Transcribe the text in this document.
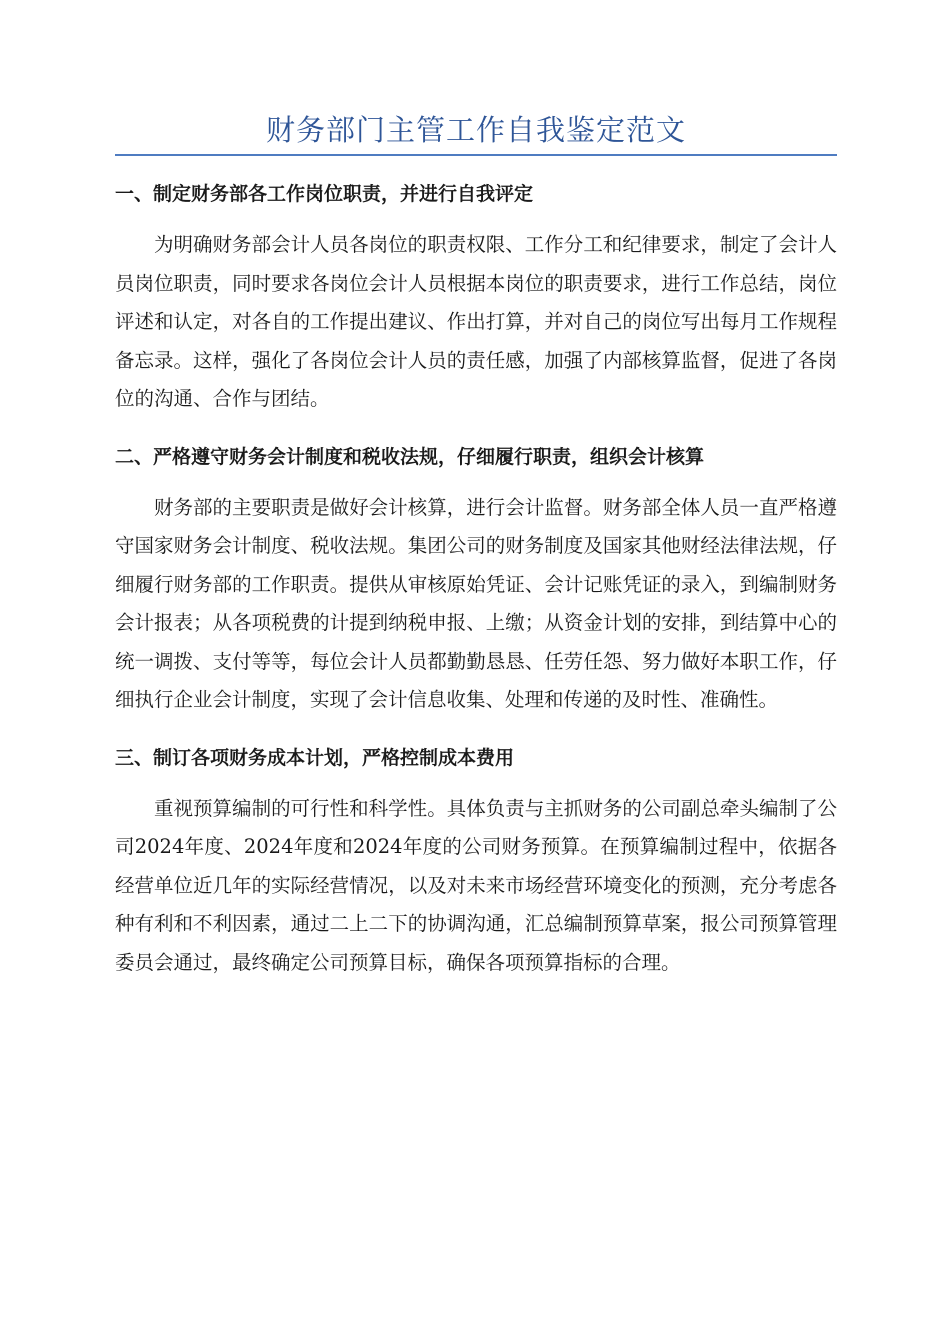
财务部门主管工作自我鉴定范文
一、制定财务部各工作岗位职责，并进行自我评定

为明确财务部会计人员各岗位的职责权限、工作分工和纪律要求，制定了会计人员岗位职责，同时要求各岗位会计人员根据本岗位的职责要求，进行工作总结，岗位评述和认定，对各自的工作提出建议、作出打算，并对自己的岗位写出每月工作规程备忘录。这样，强化了各岗位会计人员的责任感，加强了内部核算监督，促进了各岗位的沟通、合作与团结。

二、严格遵守财务会计制度和税收法规，仔细履行职责，组织会计核算

财务部的主要职责是做好会计核算，进行会计监督。财务部全体人员一直严格遵守国家财务会计制度、税收法规。集团公司的财务制度及国家其他财经法律法规，仔细履行财务部的工作职责。提供从审核原始凭证、会计记账凭证的录入，到编制财务会计报表；从各项税费的计提到纳税申报、上缴；从资金计划的安排，到结算中心的统一调拨、支付等等，每位会计人员都勤勤恳恳、任劳任怨、努力做好本职工作，仔细执行企业会计制度，实现了会计信息收集、处理和传递的及时性、准确性。

三、制订各项财务成本计划，严格控制成本费用

重视预算编制的可行性和科学性。具体负责与主抓财务的公司副总牵头编制了公司2024年度、2024年度和2024年度的公司财务预算。在预算编制过程中，依据各经营单位近几年的实际经营情况，以及对未来市场经营环境变化的预测，充分考虑各种有利和不利因素，通过二上二下的协调沟通，汇总编制预算草案，报公司预算管理委员会通过，最终确定公司预算目标，确保各项预算指标的合理。
